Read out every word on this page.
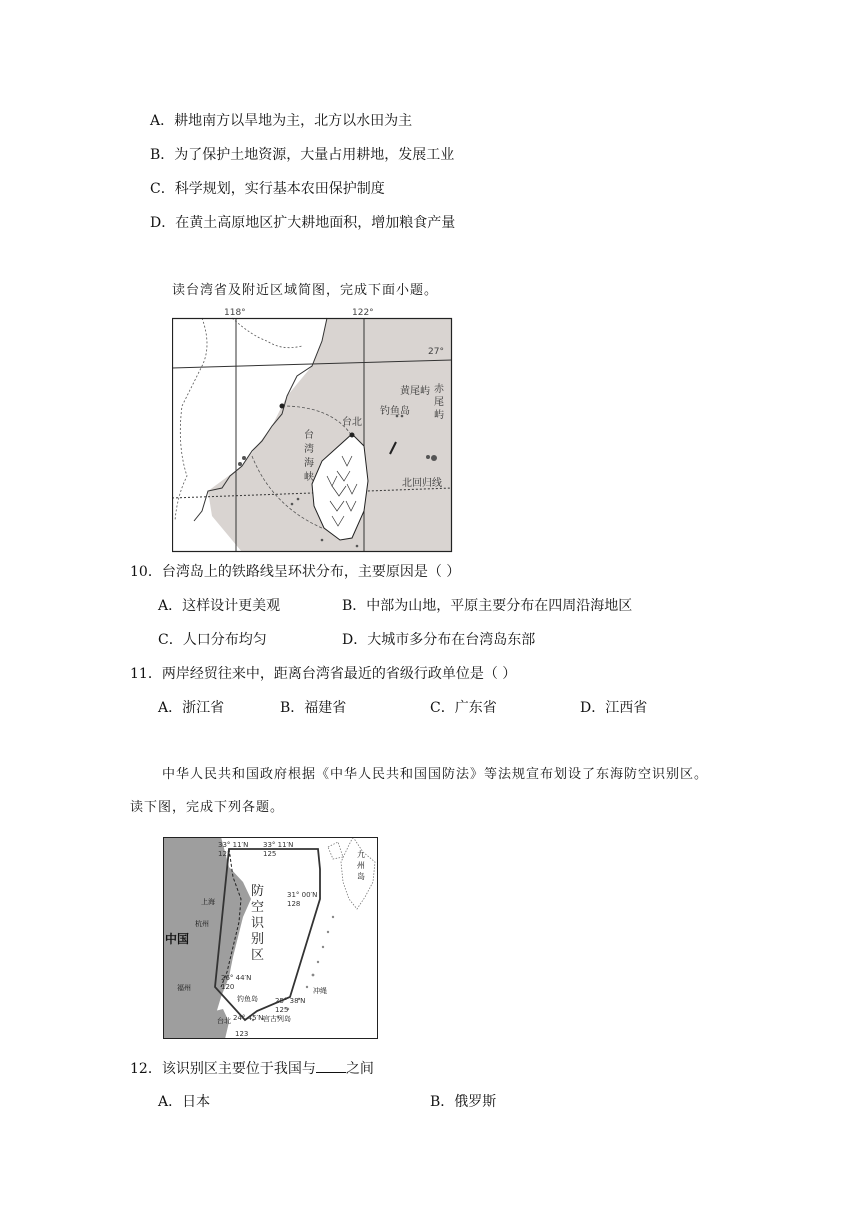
A．耕地南方以旱地为主，北方以水田为主
B．为了保护土地资源，大量占用耕地，发展工业
C．科学规划，实行基本农田保护制度
D．在黄土高原地区扩大耕地面积，增加粮食产量
读台湾省及附近区域简图，完成下面小题。
118°	122°
27°
黄尾屿 赤
尾
屿
钓鱼岛
台北
台
湾
海
峡
北回归线
10．台湾岛上的铁路线呈环状分布，主要原因是（ ）
A．这样设计更美观	B．中部为山地，平原主要分布在四周沿海地区
C．人口分布均匀	D．大城市多分布在台湾岛东部
11．两岸经贸往来中，距离台湾省最近的省级行政单位是（ ）
A．浙江省	B．福建省	C．广东省	D．江西省
中华人民共和国政府根据《中华人民共和国国防法》等法规宣布划设了东海防空识别区。
读下图，完成下列各题。
33° 11′N
121
33° 11′N
125
31° 00′N
128
26° 44′N
120
25° 38′N
125
24° 45′N
123
防
空
识
别
区
中国
上海
杭州
福州
台北
钓鱼岛
冲绳
宫古列岛
九
州
岛
12．该识别区主要位于我国与 之间
A．日本	B．俄罗斯
